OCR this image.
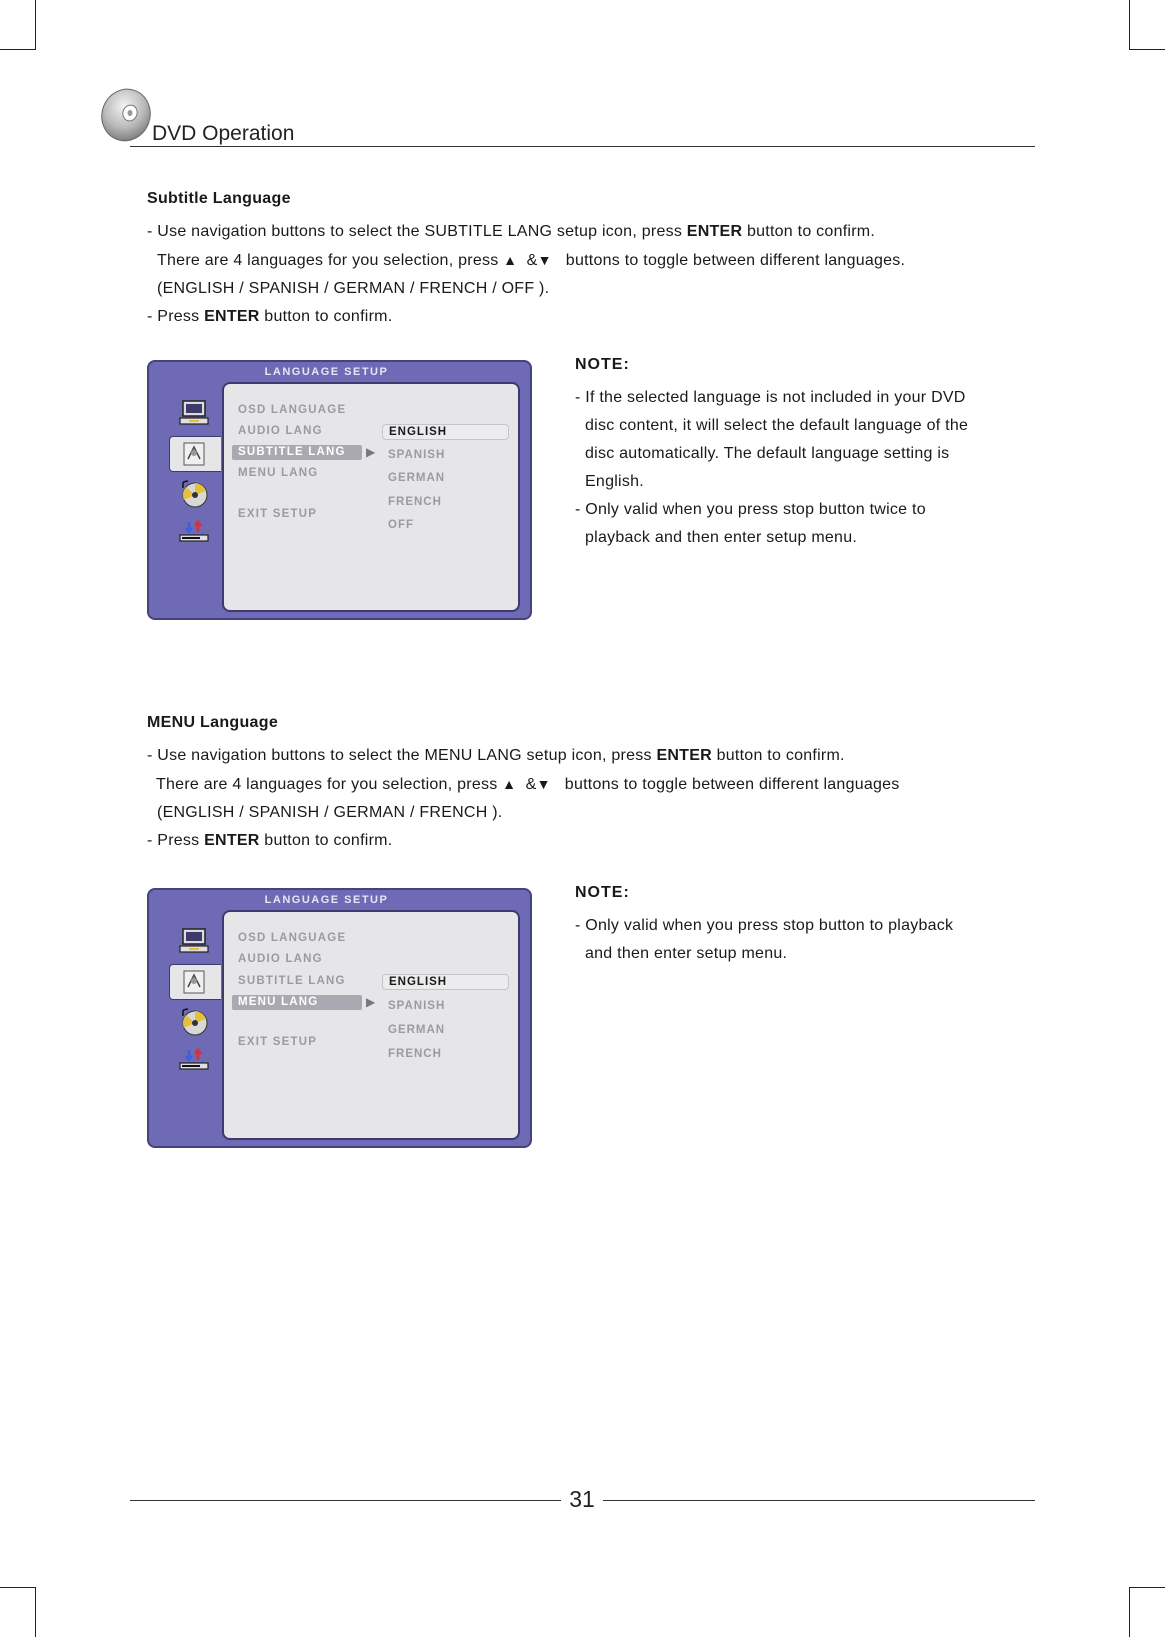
DVD Operation
Subtitle Language

- Use navigation buttons to select the SUBTITLE LANG setup icon, press ENTER button to confirm.

There are 4 languages for you selection, press ▲ &▼ buttons to toggle between different languages.

(ENGLISH / SPANISH / GERMAN / FRENCH / OFF ).

- Press ENTER button to confirm.

LANGUAGE SETUP
OSD LANGUAGE
AUDIO LANG
SUBTITLE LANG	▶
MENU LANG
EXIT SETUP
ENGLISH
SPANISH
GERMAN
FRENCH
OFF
NOTE:

- If the selected language is not included in your DVD

disc content, it will select the default language of the

disc automatically. The default language setting is

English.

- Only valid when you press stop button twice to

playback and then enter setup menu.

MENU Language

- Use navigation buttons to select the MENU LANG setup icon, press ENTER button to confirm.

There are 4 languages for you selection, press ▲ &▼ buttons to toggle between different languages

(ENGLISH / SPANISH / GERMAN / FRENCH ).

- Press ENTER button to confirm.

LANGUAGE SETUP
OSD LANGUAGE
AUDIO LANG
SUBTITLE LANG
MENU LANG	▶
EXIT SETUP
ENGLISH
SPANISH
GERMAN
FRENCH
NOTE:

- Only valid when you press stop button to playback

and then enter setup menu.

31
